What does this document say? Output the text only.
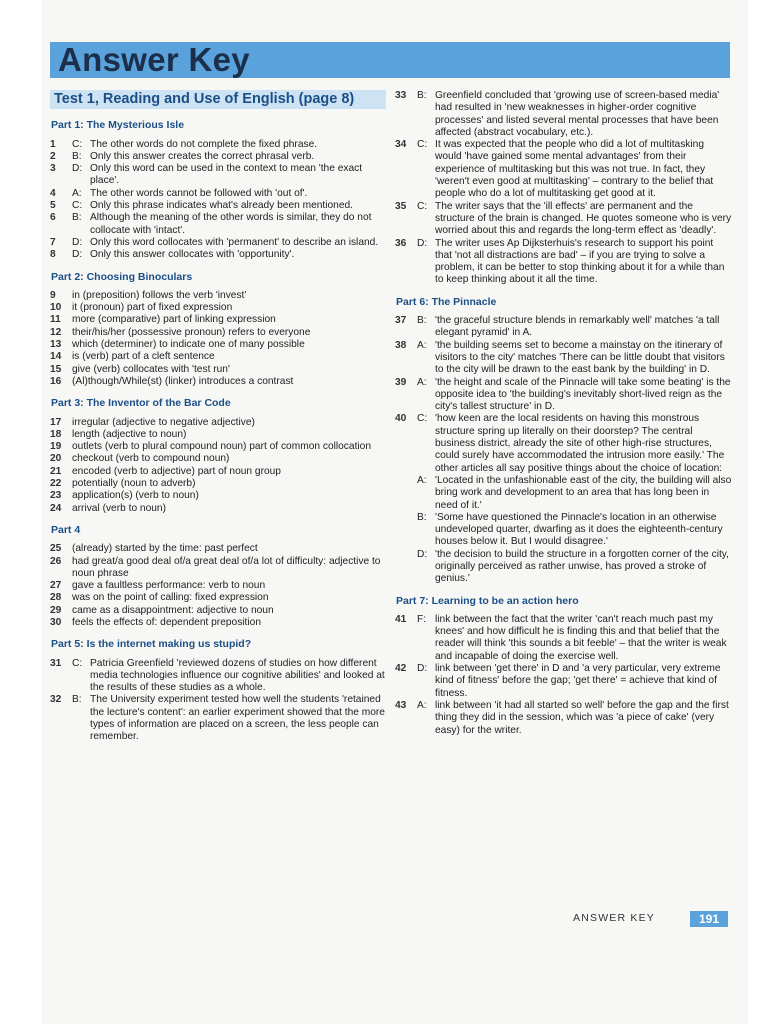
Answer Key
Test 1, Reading and Use of English (page 8)
Part 1: The Mysterious Isle
1	C: The other words do not complete the fixed phrase.
2	B: Only this answer creates the correct phrasal verb.
3	D: Only this word can be used in the context to mean 'the exact place'.
4	A: The other words cannot be followed with 'out of'.
5	C: Only this phrase indicates what's already been mentioned.
6	B: Although the meaning of the other words is similar, they do not collocate with 'intact'.
7	D: Only this word collocates with 'permanent' to describe an island.
8	D: Only this answer collocates with 'opportunity'.
Part 2: Choosing Binoculars
9	in (preposition) follows the verb 'invest'
10	it (pronoun) part of fixed expression
11	more (comparative) part of linking expression
12	their/his/her (possessive pronoun) refers to everyone
13	which (determiner) to indicate one of many possible
14	is (verb) part of a cleft sentence
15	give (verb) collocates with 'test run'
16	(Al)though/While(st) (linker) introduces a contrast
Part 3: The Inventor of the Bar Code
17	irregular (adjective to negative adjective)
18	length (adjective to noun)
19	outlets (verb to plural compound noun) part of common collocation
20	checkout (verb to compound noun)
21	encoded (verb to adjective) part of noun group
22	potentially (noun to adverb)
23	application(s) (verb to noun)
24	arrival (verb to noun)
Part 4
25	(already) started by the time: past perfect
26	had great/a good deal of/a great deal of/a lot of difficulty: adjective to noun phrase
27	gave a faultless performance: verb to noun
28	was on the point of calling: fixed expression
29	came as a disappointment: adjective to noun
30	feels the effects of: dependent preposition
Part 5: Is the internet making us stupid?
31	C: Patricia Greenfield 'reviewed dozens of studies on how different media technologies influence our cognitive abilities' and looked at the results of these studies as a whole.
32	B: The University experiment tested how well the students 'retained the lecture's content': an earlier experiment showed that the more types of information are placed on a screen, the less people can remember.
33	B: Greenfield concluded that 'growing use of screen-based media' had resulted in 'new weaknesses in higher-order cognitive processes' and listed several mental processes that have been affected (abstract vocabulary, etc.).
34	C: It was expected that the people who did a lot of multitasking would 'have gained some mental advantages' from their experience of multitasking but this was not true. In fact, they 'weren't even good at multitasking' – contrary to the belief that people who do a lot of multitasking get good at it.
35	C: The writer says that the 'ill effects' are permanent and the structure of the brain is changed. He quotes someone who is very worried about this and regards the long-term effect as 'deadly'.
36	D: The writer uses Ap Dijksterhuis's research to support his point that 'not all distractions are bad' – if you are trying to solve a problem, it can be better to stop thinking about it for a while than to keep thinking about it all the time.
Part 6: The Pinnacle
37	B: 'the graceful structure blends in remarkably well' matches 'a tall elegant pyramid' in A.
38	A: 'the building seems set to become a mainstay on the itinerary of visitors to the city' matches 'There can be little doubt that visitors to the city will be drawn to the east bank by the building' in D.
39	A: 'the height and scale of the Pinnacle will take some beating' is the opposite idea to 'the building's inevitably short-lived reign as the city's tallest structure' in D.
40	C: 'how keen are the local residents on having this monstrous structure spring up literally on their doorstep? The central business district, already the site of other high-rise structures, could surely have accommodated the intrusion more easily.' The other articles all say positive things about the choice of location:
A: 'Located in the unfashionable east of the city, the building will also bring work and development to an area that has long been in need of it.'
B: 'Some have questioned the Pinnacle's location in an otherwise undeveloped quarter, dwarfing as it does the eighteenth-century houses below it. But I would disagree.'
D: 'the decision to build the structure in a forgotten corner of the city, originally perceived as rather unwise, has proved a stroke of genius.'
Part 7: Learning to be an action hero
41	F: link between the fact that the writer 'can't reach much past my knees' and how difficult he is finding this and that belief that the reader will think 'this sounds a bit feeble' – that the writer is weak and incapable of doing the exercise well.
42	D: link between 'get there' in D and 'a very particular, very extreme kind of fitness' before the gap; 'get there' = achieve that kind of fitness.
43	A: link between 'it had all started so well' before the gap and the first thing they did in the session, which was 'a piece of cake' (very easy) for the writer.
ANSWER KEY	191
